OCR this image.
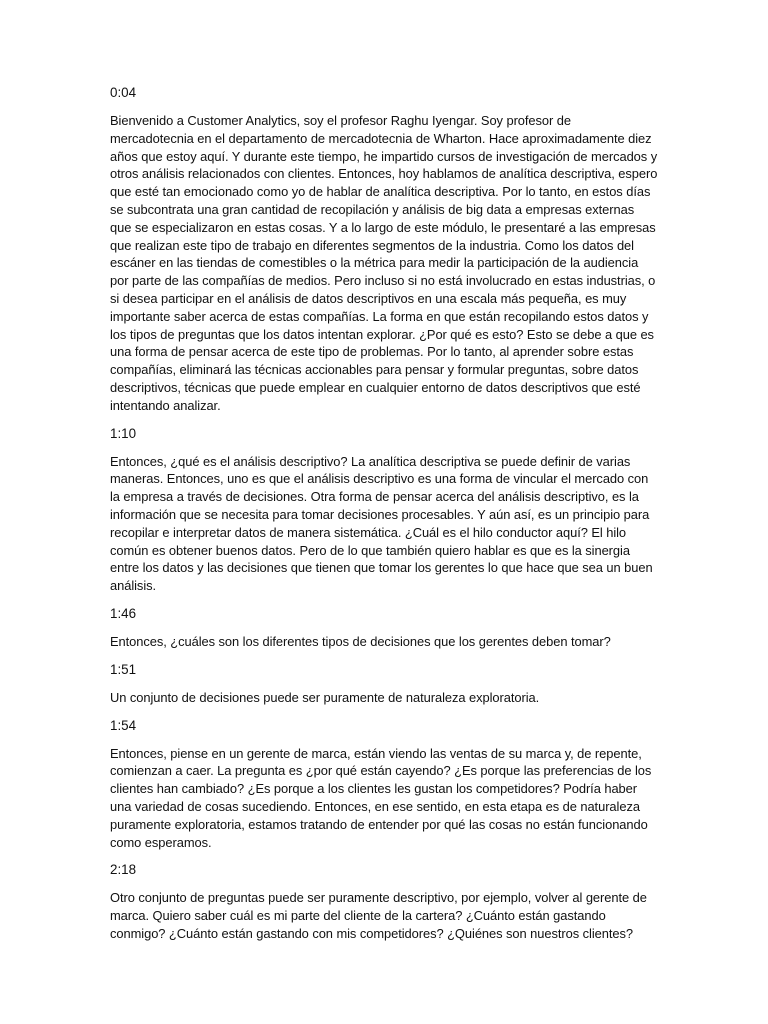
0:04

Bienvenido a Customer Analytics, soy el profesor Raghu Iyengar. Soy profesor de mercadotecnia en el departamento de mercadotecnia de Wharton. Hace aproximadamente diez años que estoy aquí. Y durante este tiempo, he impartido cursos de investigación de mercados y otros análisis relacionados con clientes. Entonces, hoy hablamos de analítica descriptiva, espero que esté tan emocionado como yo de hablar de analítica descriptiva. Por lo tanto, en estos días se subcontrata una gran cantidad de recopilación y análisis de big data a empresas externas que se especializaron en estas cosas. Y a lo largo de este módulo, le presentaré a las empresas que realizan este tipo de trabajo en diferentes segmentos de la industria. Como los datos del escáner en las tiendas de comestibles o la métrica para medir la participación de la audiencia por parte de las compañías de medios. Pero incluso si no está involucrado en estas industrias, o si desea participar en el análisis de datos descriptivos en una escala más pequeña, es muy importante saber acerca de estas compañías. La forma en que están recopilando estos datos y los tipos de preguntas que los datos intentan explorar. ¿Por qué es esto? Esto se debe a que es una forma de pensar acerca de este tipo de problemas. Por lo tanto, al aprender sobre estas compañías, eliminará las técnicas accionables para pensar y formular preguntas, sobre datos descriptivos, técnicas que puede emplear en cualquier entorno de datos descriptivos que esté intentando analizar.

1:10

Entonces, ¿qué es el análisis descriptivo? La analítica descriptiva se puede definir de varias maneras. Entonces, uno es que el análisis descriptivo es una forma de vincular el mercado con la empresa a través de decisiones. Otra forma de pensar acerca del análisis descriptivo, es la información que se necesita para tomar decisiones procesables. Y aún así, es un principio para recopilar e interpretar datos de manera sistemática. ¿Cuál es el hilo conductor aquí? El hilo común es obtener buenos datos. Pero de lo que también quiero hablar es que es la sinergia entre los datos y las decisiones que tienen que tomar los gerentes lo que hace que sea un buen análisis.

1:46

Entonces, ¿cuáles son los diferentes tipos de decisiones que los gerentes deben tomar?

1:51

Un conjunto de decisiones puede ser puramente de naturaleza exploratoria.

1:54

Entonces, piense en un gerente de marca, están viendo las ventas de su marca y, de repente, comienzan a caer. La pregunta es ¿por qué están cayendo? ¿Es porque las preferencias de los clientes han cambiado? ¿Es porque a los clientes les gustan los competidores? Podría haber una variedad de cosas sucediendo. Entonces, en ese sentido, en esta etapa es de naturaleza puramente exploratoria, estamos tratando de entender por qué las cosas no están funcionando como esperamos.

2:18

Otro conjunto de preguntas puede ser puramente descriptivo, por ejemplo, volver al gerente de marca. Quiero saber cuál es mi parte del cliente de la cartera? ¿Cuánto están gastando conmigo? ¿Cuánto están gastando con mis competidores? ¿Quiénes son nuestros clientes?
